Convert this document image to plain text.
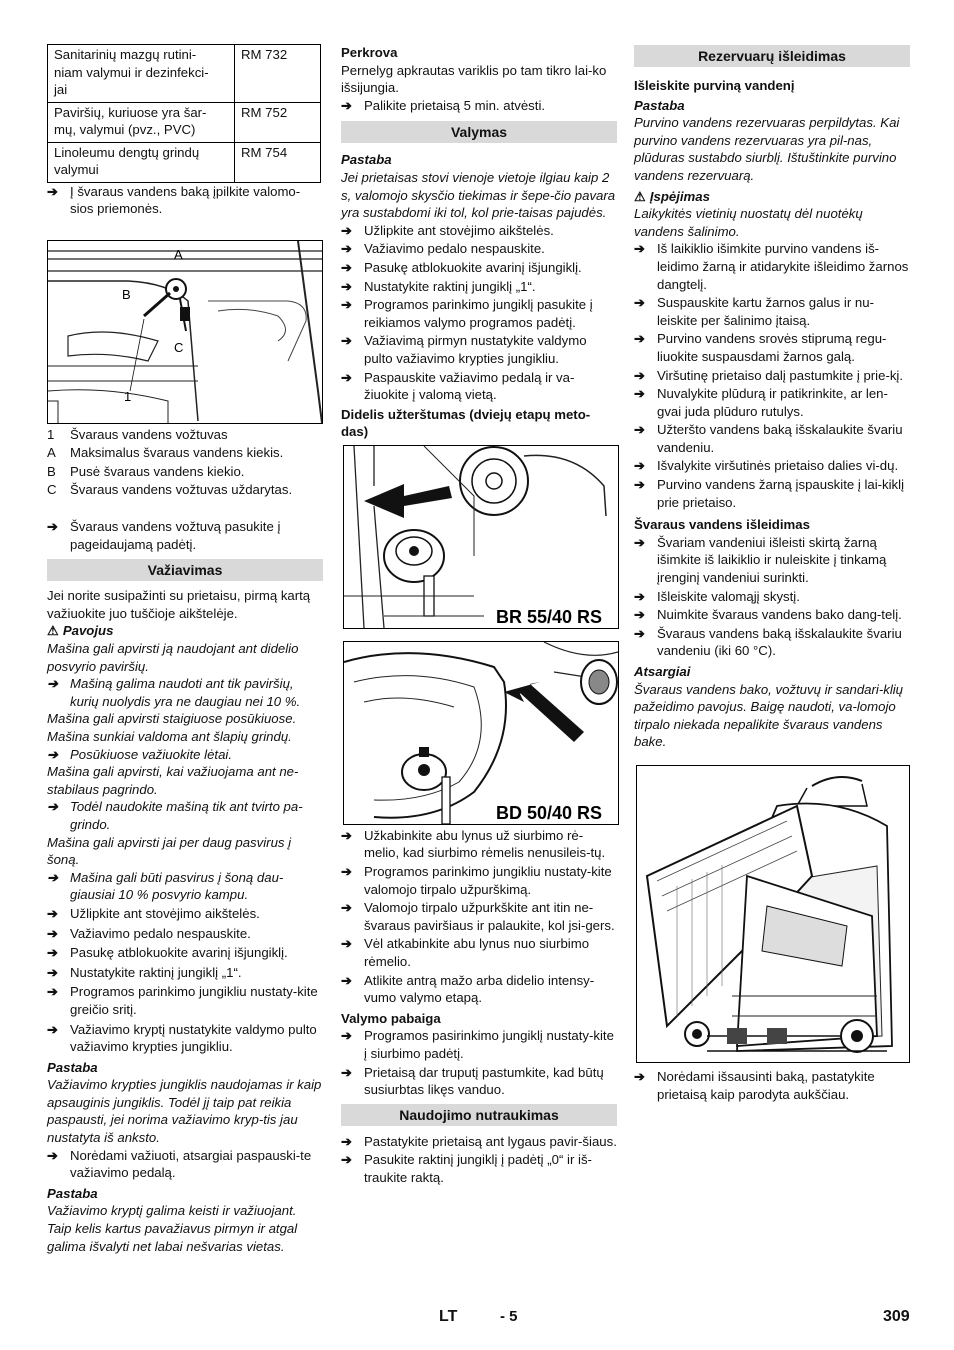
Sanitarinių mazgų rutini-
niam valymui ir dezinfekci-
jai	RM 732
Paviršių, kuriuose yra šar-
mų, valymui (pvz., PVC)	RM 752
Linoleumu dengtų grindų
valymui	RM 754

➔ Į švaraus vandens baką įpilkite valomo-sios priemonės.

A
B
C
1

1 Švaraus vandens vožtuvas

A Maksimalus švaraus vandens kiekis.

B Pusė švaraus vandens kiekio.

C Švaraus vandens vožtuvas uždarytas.

➔ Švaraus vandens vožtuvą pasukite į pageidaujamą padėtį.

Važiavimas

Jei norite susipažinti su prietaisu, pirmą kartą važiuokite juo tuščioje aikštelėje.

⚠ Pavojus

Mašina gali apvirsti ją naudojant ant didelio posvyrio paviršių.

➔ Mašiną galima naudoti ant tik paviršių, kurių nuolydis yra ne daugiau nei 10 %.

Mašina gali apvirsti staigiuose posūkiuose. Mašina sunkiai valdoma ant šlapių grindų.

➔ Posūkiuose važiuokite lėtai.

Mašina gali apvirsti, kai važiuojama ant ne-stabilaus pagrindo.

➔ Todėl naudokite mašiną tik ant tvirto pa-grindo.

Mašina gali apvirsti jai per daug pasvirus į šoną.

➔ Mašina gali būti pasvirus į šoną dau-giausiai 10 % posvyrio kampu.

➔ Užlipkite ant stovėjimo aikštelės.

➔ Važiavimo pedalo nespauskite.

➔ Pasukę atblokuokite avarinį išjungiklį.

➔ Nustatykite raktinį jungiklį „1“.

➔ Programos parinkimo jungikliu nustaty-kite greičio sritį.

➔ Važiavimo kryptį nustatykite valdymo pulto važiavimo krypties jungikliu.

Pastaba

Važiavimo krypties jungiklis naudojamas ir kaip apsauginis jungiklis. Todėl jį taip pat reikia paspausti, jei norima važiavimo kryp-tis jau nustatyta iš anksto.

➔ Norėdami važiuoti, atsargiai paspauski-te važiavimo pedalą.

Pastaba

Važiavimo kryptį galima keisti ir važiuojant. Taip kelis kartus pavažiavus pirmyn ir atgal galima išvalyti net labai nešvarias vietas.

Perkrova

Pernelyg apkrautas variklis po tam tikro lai-ko išsijungia.

➔ Palikite prietaisą 5 min. atvėsti.

Valymas

Pastaba

Jei prietaisas stovi vienoje vietoje ilgiau kaip 2 s, valomojo skysčio tiekimas ir šepe-čio pavara yra sustabdomi iki tol, kol prie-taisas pajudės.

➔ Užlipkite ant stovėjimo aikštelės.

➔ Važiavimo pedalo nespauskite.

➔ Pasukę atblokuokite avarinį išjungiklį.

➔ Nustatykite raktinį jungiklį „1“.

➔ Programos parinkimo jungiklį pasukite į reikiamos valymo programos padėtį.

➔ Važiavimą pirmyn nustatykite valdymo pulto važiavimo krypties jungikliu.

➔ Paspauskite važiavimo pedalą ir va-žiuokite į valomą vietą.

Didelis užterštumas (dviejų etapų meto-das)

BR 55/40 RS
BD 50/40 RS

➔ Užkabinkite abu lynus už siurbimo rė-melio, kad siurbimo rėmelis nenusileis-tų.

➔ Programos parinkimo jungikliu nustaty-kite valomojo tirpalo užpurškimą.

➔ Valomojo tirpalo užpurkškite ant itin ne-švaraus paviršiaus ir palaukite, kol jsi-gers.

➔ Vėl atkabinkite abu lynus nuo siurbimo rėmelio.

➔ Atlikite antrą mažo arba didelio intensy-vumo valymo etapą.

Valymo pabaiga

➔ Programos pasirinkimo jungiklį nustaty-kite į siurbimo padėtį.

➔ Prietaisą dar truputį pastumkite, kad būtų susiurbtas likęs vanduo.

Naudojimo nutraukimas

➔ Pastatykite prietaisą ant lygaus pavir-šiaus.

➔ Pasukite raktinį jungiklį į padėtį „0“ ir iš-traukite raktą.

Rezervuarų išleidimas

Išleiskite purviną vandenį

Pastaba

Purvino vandens rezervuaras perpildytas. Kai purvino vandens rezervuaras yra pil-nas, plūduras sustabdo siurblį. Ištuštinkite purvino vandens rezervuarą.

⚠ Įspėjimas

Laikykitės vietinių nuostatų dėl nuotėkų vandens šalinimo.

➔ Iš laikiklio išimkite purvino vandens iš-leidimo žarną ir atidarykite išleidimo žarnos dangtelį.

➔ Suspauskite kartu žarnos galus ir nu-leiskite per šalinimo įtaisą.

➔ Purvino vandens srovės stiprumą regu-liuokite suspausdami žarnos galą.

➔ Viršutinę prietaiso dalį pastumkite į prie-kį.

➔ Nuvalykite plūdurą ir patikrinkite, ar len-gvai juda plūduro rutulys.

➔ Užteršto vandens baką išskalaukite švariu vandeniu.

➔ Išvalykite viršutinės prietaiso dalies vi-dų.

➔ Purvino vandens žarną įspauskite į lai-kiklį prie prietaiso.

Švaraus vandens išleidimas

➔ Švariam vandeniui išleisti skirtą žarną išimkite iš laikiklio ir nuleiskite į tinkamą įrenginį vandeniui surinkti.

➔ Išleiskite valomąjį skystį.

➔ Nuimkite švaraus vandens bako dang-telį.

➔ Švaraus vandens baką išskalaukite švariu vandeniu (iki 60 °C).

Atsargiai

Švaraus vandens bako, vožtuvų ir sandari-klių pažeidimo pavojus. Baigę naudoti, va-lomojo tirpalo niekada nepalikite švaraus vandens bake.

➔ Norėdami išsausinti baką, pastatykite prietaisą kaip parodyta aukščiau.

LT	- 5	309
